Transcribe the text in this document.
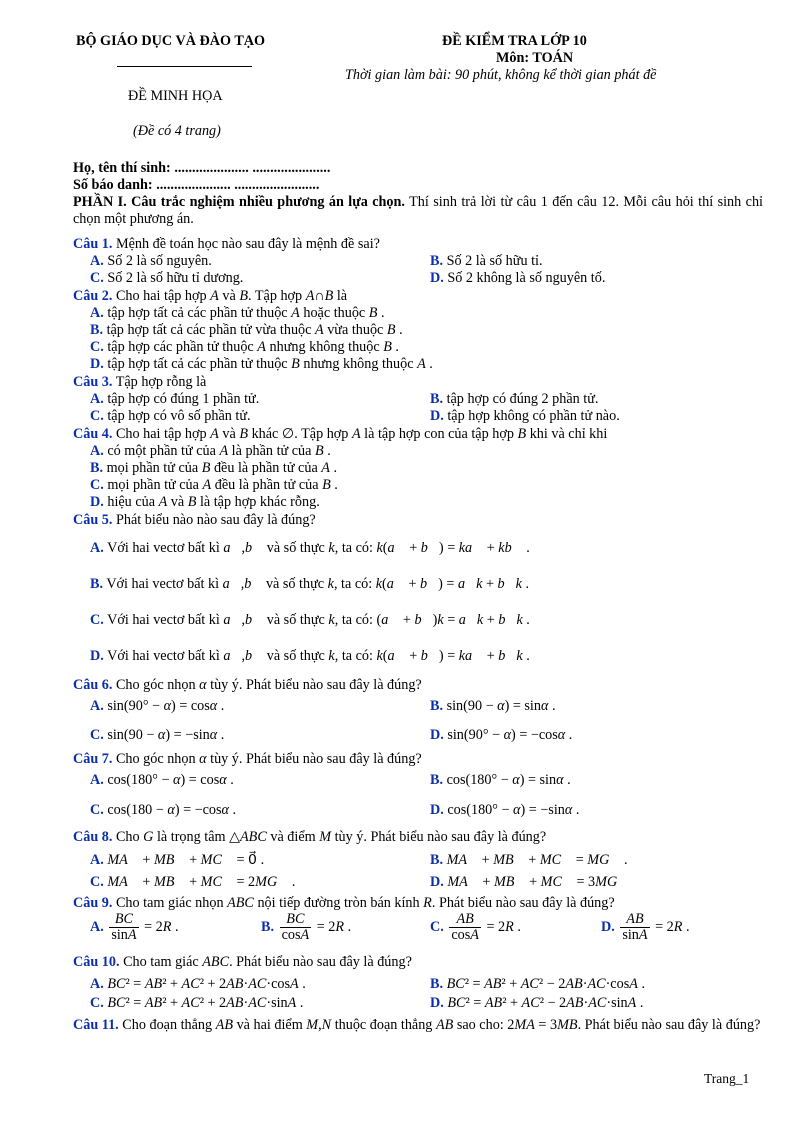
BỘ GIÁO DỤC VÀ ĐÀO TẠO	ĐỀ KIỂM TRA LỚP 10
Môn: TOÁN
Thời gian làm bài: 90 phút, không kể thời gian phát đề
ĐỀ MINH HỌA
(Đề có 4 trang)
Họ, tên thí sinh: ..................... ......................
Số báo danh: ..................... ........................
PHẦN I. Câu trắc nghiệm nhiều phương án lựa chọn. Thí sinh trả lời từ câu 1 đến câu 12. Mỗi câu hỏi thí sinh chỉ chọn một phương án.
Câu 1. Mệnh đề toán học nào sau đây là mệnh đề sai?
A. Số 2 là số nguyên.	B. Số 2 là số hữu tỉ.
C. Số 2 là số hữu tỉ dương.	D. Số 2 không là số nguyên tố.
Câu 2. Cho hai tập hợp A và B. Tập hợp A∩B là
A. tập hợp tất cả các phần tử thuộc A hoặc thuộc B .
B. tập hợp tất cả các phần tử vừa thuộc A vừa thuộc B .
C. tập hợp các phần tử thuộc A nhưng không thuộc B .
D. tập hợp tất cả các phần tử thuộc B nhưng không thuộc A .
Câu 3. Tập hợp rỗng là
A. tập hợp có đúng 1 phần tử.	B. tập hợp có đúng 2 phần tử.
C. tập hợp có vô số phần tử.	D. tập hợp không có phần tử nào.
Câu 4. Cho hai tập hợp A và B khác ∅. Tập hợp A là tập hợp con của tập hợp B khi và chỉ khi
A. có một phần tử của A là phần tử của B .
B. mọi phần tử của B đều là phần tử của A .
C. mọi phần tử của A đều là phần tử của B .
D. hiệu của A và B là tập hợp khác rỗng.
Câu 5. Phát biểu nào nào sau đây là đúng?
A. Với hai vectơ bất kì a⃗,b⃗ và số thực k, ta có: k(a⃗ + b⃗) = ka⃗ + kb⃗ .
B. Với hai vectơ bất kì a⃗,b⃗ và số thực k, ta có: k(a⃗ + b⃗) = a⃗k + b⃗k .
C. Với hai vectơ bất kì a⃗,b⃗ và số thực k, ta có: (a⃗ + b⃗)k = a⃗k + b⃗k .
D. Với hai vectơ bất kì a⃗,b⃗ và số thực k, ta có: k(a⃗ + b⃗) = ka⃗ + b⃗k .
Câu 6. Cho góc nhọn α tùy ý. Phát biểu nào sau đây là đúng?
A. sin(90° − α) = cosα .	B. sin(90 − α) = sinα .
C. sin(90 − α) = −sinα .	D. sin(90° − α) = −cosα .
Câu 7. Cho góc nhọn α tùy ý. Phát biểu nào sau đây là đúng?
A. cos(180° − α) = cosα .	B. cos(180° − α) = sinα .
C. cos(180 − α) = −cosα .	D. cos(180° − α) = −sinα .
Câu 8. Cho G là trọng tâm △ABC và điểm M tùy ý. Phát biểu nào sau đây là đúng?
A. MA⃗ + MB⃗ + MC⃗ = 0⃗ .	B. MA⃗ + MB⃗ + MC⃗ = MG⃗ .
C. MA⃗ + MB⃗ + MC⃗ = 2MG⃗ .	D. MA⃗ + MB⃗ + MC⃗ = 3MG⃗
Câu 9. Cho tam giác nhọn ABC nội tiếp đường tròn bán kính R. Phát biểu nào sau đây là đúng?
A. $\frac{BC}{\sin A} = 2R$ .	B. $\frac{BC}{\cos A} = 2R$ .	C. $\frac{AB}{\cos A} = 2R$ .	D. $\frac{AB}{\sin A} = 2R$ .
Câu 10. Cho tam giác ABC. Phát biểu nào sau đây là đúng?
A. BC² = AB² + AC² + 2AB·AC·cosA .	B. BC² = AB² + AC² − 2AB·AC·cosA .
C. BC² = AB² + AC² + 2AB·AC·sinA .	D. BC² = AB² + AC² − 2AB·AC·sinA .
Câu 11. Cho đoạn thẳng AB và hai điểm M,N thuộc đoạn thẳng AB sao cho: 2MA = 3MB. Phát biểu nào sau đây là đúng?
Trang_1
